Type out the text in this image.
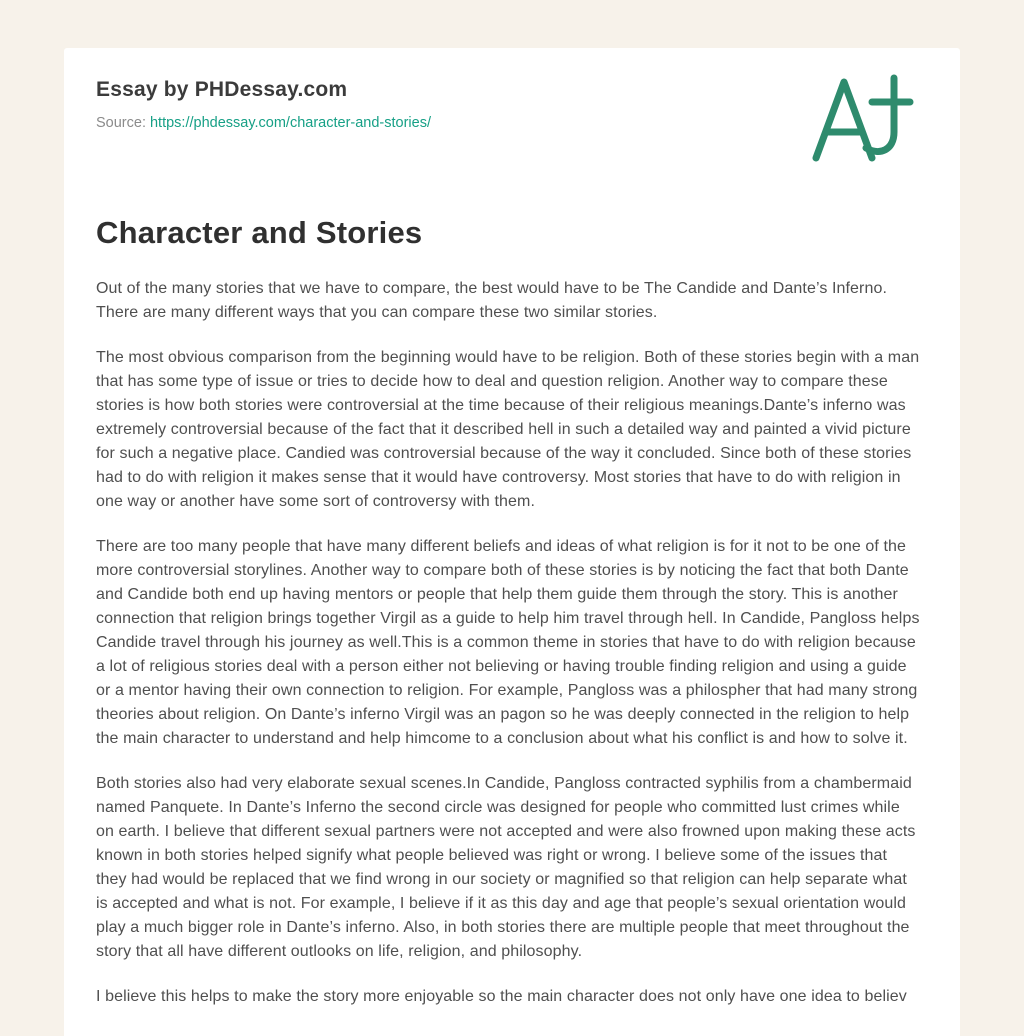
Essay by PHDessay.com
Source: https://phdessay.com/character-and-stories/
Character and Stories

Out of the many stories that we have to compare, the best would have to be The Candide and Dante’s Inferno. There are many different ways that you can compare these two similar stories.

The most obvious comparison from the beginning would have to be religion. Both of these stories begin with a man that has some type of issue or tries to decide how to deal and question religion. Another way to compare these stories is how both stories were controversial at the time because of their religious meanings.Dante’s inferno was extremely controversial because of the fact that it described hell in such a detailed way and painted a vivid picture for such a negative place. Candied was controversial because of the way it concluded. Since both of these stories had to do with religion it makes sense that it would have controversy. Most stories that have to do with religion in one way or another have some sort of controversy with them.

There are too many people that have many different beliefs and ideas of what religion is for it not to be one of the more controversial storylines. Another way to compare both of these stories is by noticing the fact that both Dante and Candide both end up having mentors or people that help them guide them through the story. This is another connection that religion brings together Virgil as a guide to help him travel through hell. In Candide, Pangloss helps Candide travel through his journey as well.This is a common theme in stories that have to do with religion because a lot of religious stories deal with a person either not believing or having trouble finding religion and using a guide or a mentor having their own connection to religion. For example, Pangloss was a philospher that had many strong theories about religion. On Dante’s inferno Virgil was an pagon so he was deeply connected in the religion to help the main character to understand and help himcome to a conclusion about what his conflict is and how to solve it.

Both stories also had very elaborate sexual scenes.In Candide, Pangloss contracted syphilis from a chambermaid named Panquete. In Dante’s Inferno the second circle was designed for people who committed lust crimes while on earth. I believe that different sexual partners were not accepted and were also frowned upon making these acts known in both stories helped signify what people believed was right or wrong. I believe some of the issues that they had would be replaced that we find wrong in our society or magnified so that religion can help separate what is accepted and what is not. For example, I believe if it as this day and age that people’s sexual orientation would play a much bigger role in Dante’s inferno. Also, in both stories there are multiple people that meet throughout the story that all have different outlooks on life, religion, and philosophy.

I believe this helps to make the story more enjoyable so the main character does not only have one idea to believ
